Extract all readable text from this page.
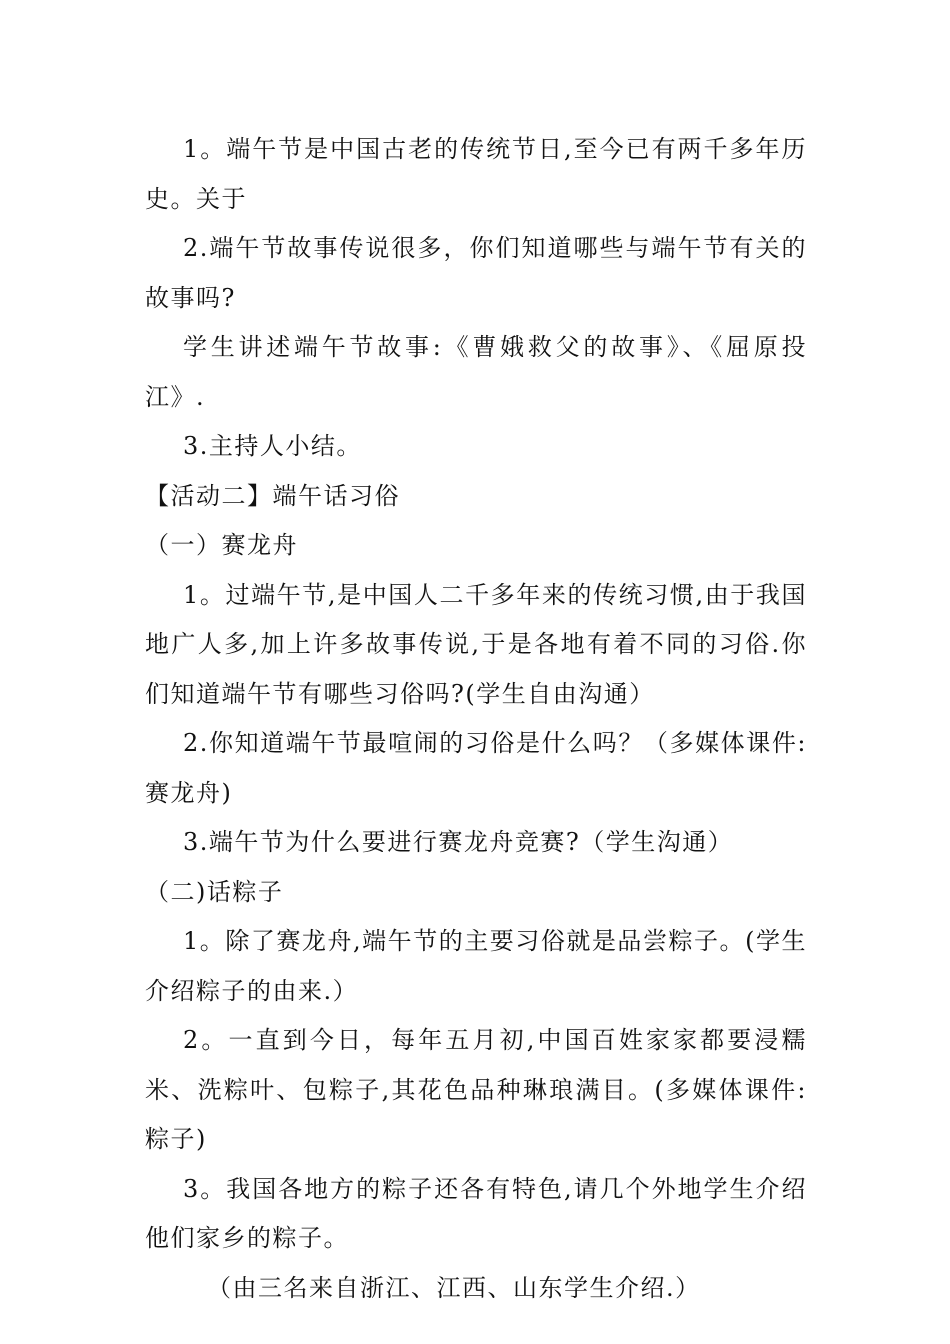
1。端午节是中国古老的传统节日,至今已有两千多年历史。关于

2.端午节故事传说很多，你们知道哪些与端午节有关的故事吗?

学生讲述端午节故事:《曹娥救父的故事》、《屈原投江》.

3.主持人小结。

【活动二】端午话习俗

（一）赛龙舟

1。过端午节,是中国人二千多年来的传统习惯,由于我国地广人多,加上许多故事传说,于是各地有着不同的习俗.你们知道端午节有哪些习俗吗?(学生自由沟通）

2.你知道端午节最喧闹的习俗是什么吗？（多媒体课件:赛龙舟)

3.端午节为什么要进行赛龙舟竞赛?（学生沟通）

（二)话粽子

1。除了赛龙舟,端午节的主要习俗就是品尝粽子。(学生介绍粽子的由来.）

2。一直到今日，每年五月初,中国百姓家家都要浸糯米、洗粽叶、包粽子,其花色品种琳琅满目。(多媒体课件:粽子)

3。我国各地方的粽子还各有特色,请几个外地学生介绍他们家乡的粽子。

（由三名来自浙江、江西、山东学生介绍.）
